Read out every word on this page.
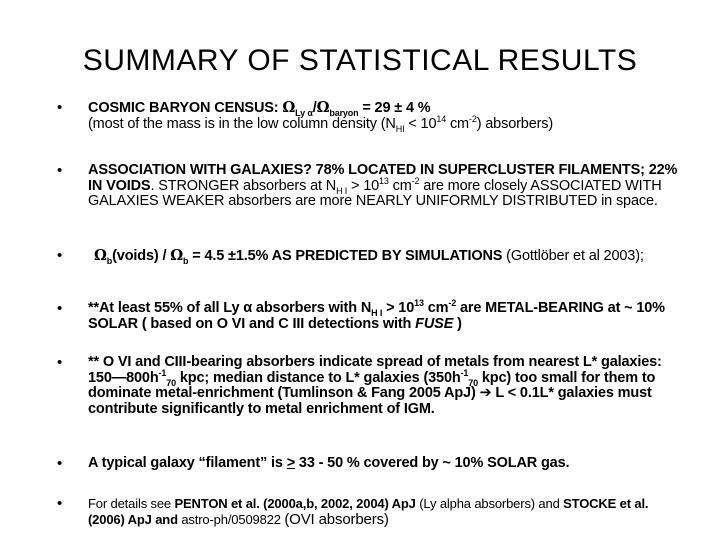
SUMMARY OF STATISTICAL RESULTS
• COSMIC BARYON CENSUS: $\Omega_{Ly \alpha}/\Omega_{baryon} = 29 \pm 4$ %
(most of the mass is in the low column density ($N_{HI} < 10^{14}$ $cm^{-2}$) absorbers)
• ASSOCIATION WITH GALAXIES? 78% LOCATED IN SUPERCLUSTER FILAMENTS; 22% IN VOIDS. STRONGER absorbers at $N_{H I} > 10^{13}$ $cm^{-2}$ are more closely ASSOCIATED WITH GALAXIES WEAKER absorbers are more NEARLY UNIFORMLY DISTRIBUTED in space.
•	$\Omega_b(voids) / \Omega_b = 4.5 \pm 1.5\%$ AS PREDICTED BY SIMULATIONS (Gottlöber et al 2003);
• **At least 55% of all Ly α absorbers with $N_{H I} > 10^{13}$ $cm^{-2}$ are METAL-BEARING at ~ 10% SOLAR ( based on O VI and C III detections with FUSE )
• ** O VI and CIII-bearing absorbers indicate spread of metals from nearest L* galaxies: $150—800h^{-1}_{70}$ kpc; median distance to L* galaxies ($350h^{-1}_{70}$ kpc) too small for them to dominate metal-enrichment (Tumlinson & Fang 2005 ApJ) ➔ L < 0.1L* galaxies must contribute significantly to metal enrichment of IGM.
• A typical galaxy “filament” is ≥ 33 - 50 % covered by ~ 10% SOLAR gas.
• For details see PENTON et al. (2000a,b, 2002, 2004) ApJ (Ly alpha absorbers) and STOCKE et al. (2006) ApJ and astro-ph/0509822 (OVI absorbers)
